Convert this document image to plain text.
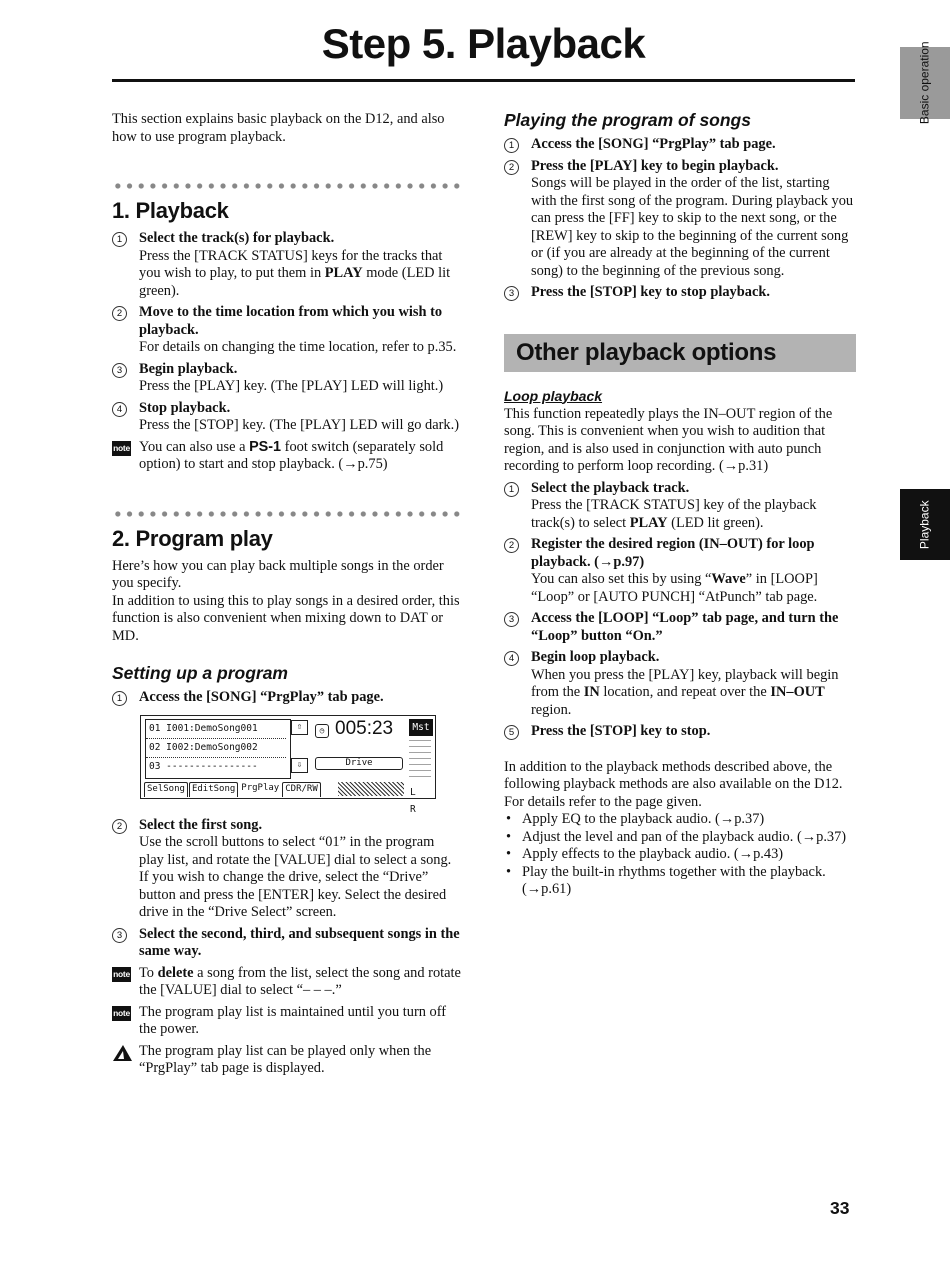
Step 5. Playback	Basic operation
Playback

This section explains basic playback on the D12, and also how to use program playback.

1. Playback
1	Select the track(s) for playback.

Press the [TRACK STATUS] keys for the tracks that you wish to play, to put them in PLAY mode (LED lit green).

2	Move to the time location from which you wish to playback.

For details on changing the time location, refer to p.35.

3	Begin playback.

Press the [PLAY] key. (The [PLAY] LED will light.)

4	Stop playback.

Press the [STOP] key. (The [PLAY] LED will go dark.)

note You can also use a PS-1 foot switch (separately sold option) to start and stop playback. (→p.75)

2. Program play

Here’s how you can play back multiple songs in the order you specify.

In addition to using this to play songs in a desired order, this function is also convenient when mixing down to DAT or MD.

Setting up a program
1	Access the [SONG] “PrgPlay” tab page.

01 I001:DemoSong001
02 I002:DemoSong002
03 ----------------
⇧
⇩
◷ 005:23	Mst
Drive
L R
SelSong EditSong PrgPlay CDR/RW
2	Select the first song.

Use the scroll buttons to select “01” in the program play list, and rotate the [VALUE] dial to select a song. If you wish to change the drive, select the “Drive” button and press the [ENTER] key. Select the desired drive in the “Drive Select” screen.

3	Select the second, third, and subsequent songs in the same way.

note To delete a song from the list, select the song and rotate the [VALUE] dial to select “– – –.”

note The program play list is maintained until you turn off the power.

The program play list can be played only when the “PrgPlay” tab page is displayed.

Playing the program of songs
1	Access the [SONG] “PrgPlay” tab page.

2	Press the [PLAY] key to begin playback.

Songs will be played in the order of the list, starting with the first song of the program. During playback you can press the [FF] key to skip to the next song, or the [REW] key to skip to the beginning of the current song or (if you are already at the beginning of the current song) to the beginning of the previous song.

3	Press the [STOP] key to stop playback.

Other playback options
Loop playback

This function repeatedly plays the IN–OUT region of the song. This is convenient when you wish to audition that region, and is also used in conjunction with auto punch recording to perform loop recording. (→p.31)

1	Select the playback track.

Press the [TRACK STATUS] key of the playback track(s) to select PLAY (LED lit green).

2	Register the desired region (IN–OUT) for loop playback. (→p.97)

You can also set this by using “Wave” in [LOOP] “Loop” or [AUTO PUNCH] “AtPunch” tab page.

3	Access the [LOOP] “Loop” tab page, and turn the “Loop” button “On.”

4	Begin loop playback.

When you press the [PLAY] key, playback will begin from the IN location, and repeat over the IN–OUT region.

5	Press the [STOP] key to stop.

In addition to the playback methods described above, the following playback methods are also available on the D12. For details refer to the page given.

• Apply EQ to the playback audio. (→p.37)
• Adjust the level and pan of the playback audio. (→p.37)
• Apply effects to the playback audio. (→p.43)
• Play the built-in rhythms together with the playback. (→p.61)
33
